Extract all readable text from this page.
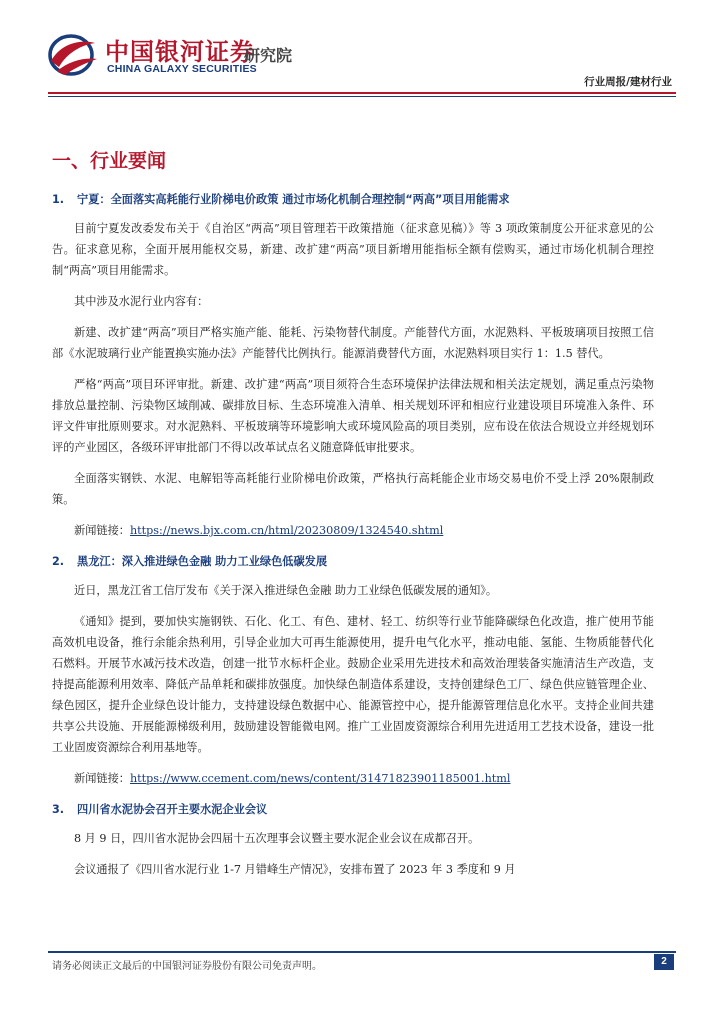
中国银河证券
CHINA GALAXY SECURITIES
研究院
行业周报/建材行业
一、行业要闻
1.	宁夏：全面落实高耗能行业阶梯电价政策 通过市场化机制合理控制“两高”项目用能需求

目前宁夏发改委发布关于《自治区“两高”项目管理若干政策措施（征求意见稿）》等 3 项政策制度公开征求意见的公告。征求意见称，全面开展用能权交易，新建、改扩建“两高”项目新增用能指标全额有偿购买，通过市场化机制合理控制“两高”项目用能需求。

其中涉及水泥行业内容有：

新建、改扩建“两高”项目严格实施产能、能耗、污染物替代制度。产能替代方面，水泥熟料、平板玻璃项目按照工信部《水泥玻璃行业产能置换实施办法》产能替代比例执行。能源消费替代方面，水泥熟料项目实行 1：1.5 替代。

严格“两高”项目环评审批。新建、改扩建“两高”项目须符合生态环境保护法律法规和相关法定规划，满足重点污染物排放总量控制、污染物区域削减、碳排放目标、生态环境准入清单、相关规划环评和相应行业建设项目环境准入条件、环评文件审批原则要求。对水泥熟料、平板玻璃等环境影响大或环境风险高的项目类别，应布设在依法合规设立并经规划环评的产业园区，各级环评审批部门不得以改革试点名义随意降低审批要求。

全面落实钢铁、水泥、电解铝等高耗能行业阶梯电价政策，严格执行高耗能企业市场交易电价不受上浮 20%限制政策。

新闻链接：https://news.bjx.com.cn/html/20230809/1324540.shtml

2.	黑龙江：深入推进绿色金融 助力工业绿色低碳发展

近日，黑龙江省工信厅发布《关于深入推进绿色金融 助力工业绿色低碳发展的通知》。

《通知》提到，要加快实施钢铁、石化、化工、有色、建材、轻工、纺织等行业节能降碳绿色化改造，推广使用节能高效机电设备，推行余能余热利用，引导企业加大可再生能源使用，提升电气化水平，推动电能、氢能、生物质能替代化石燃料。开展节水减污技术改造，创建一批节水标杆企业。鼓励企业采用先进技术和高效治理装备实施清洁生产改造，支持提高能源利用效率、降低产品单耗和碳排放强度。加快绿色制造体系建设，支持创建绿色工厂、绿色供应链管理企业、绿色园区，提升企业绿色设计能力，支持建设绿色数据中心、能源管控中心，提升能源管理信息化水平。支持企业间共建共享公共设施、开展能源梯级利用，鼓励建设智能微电网。推广工业固废资源综合利用先进适用工艺技术设备，建设一批工业固废资源综合利用基地等。

新闻链接：https://www.ccement.com/news/content/31471823901185001.html

3.	四川省水泥协会召开主要水泥企业会议

8 月 9 日，四川省水泥协会四届十五次理事会议暨主要水泥企业会议在成都召开。

会议通报了《四川省水泥行业 1-7 月错峰生产情况》，安排布置了 2023 年 3 季度和 9 月

请务必阅读正文最后的中国银河证券股份有限公司免责声明。	2
